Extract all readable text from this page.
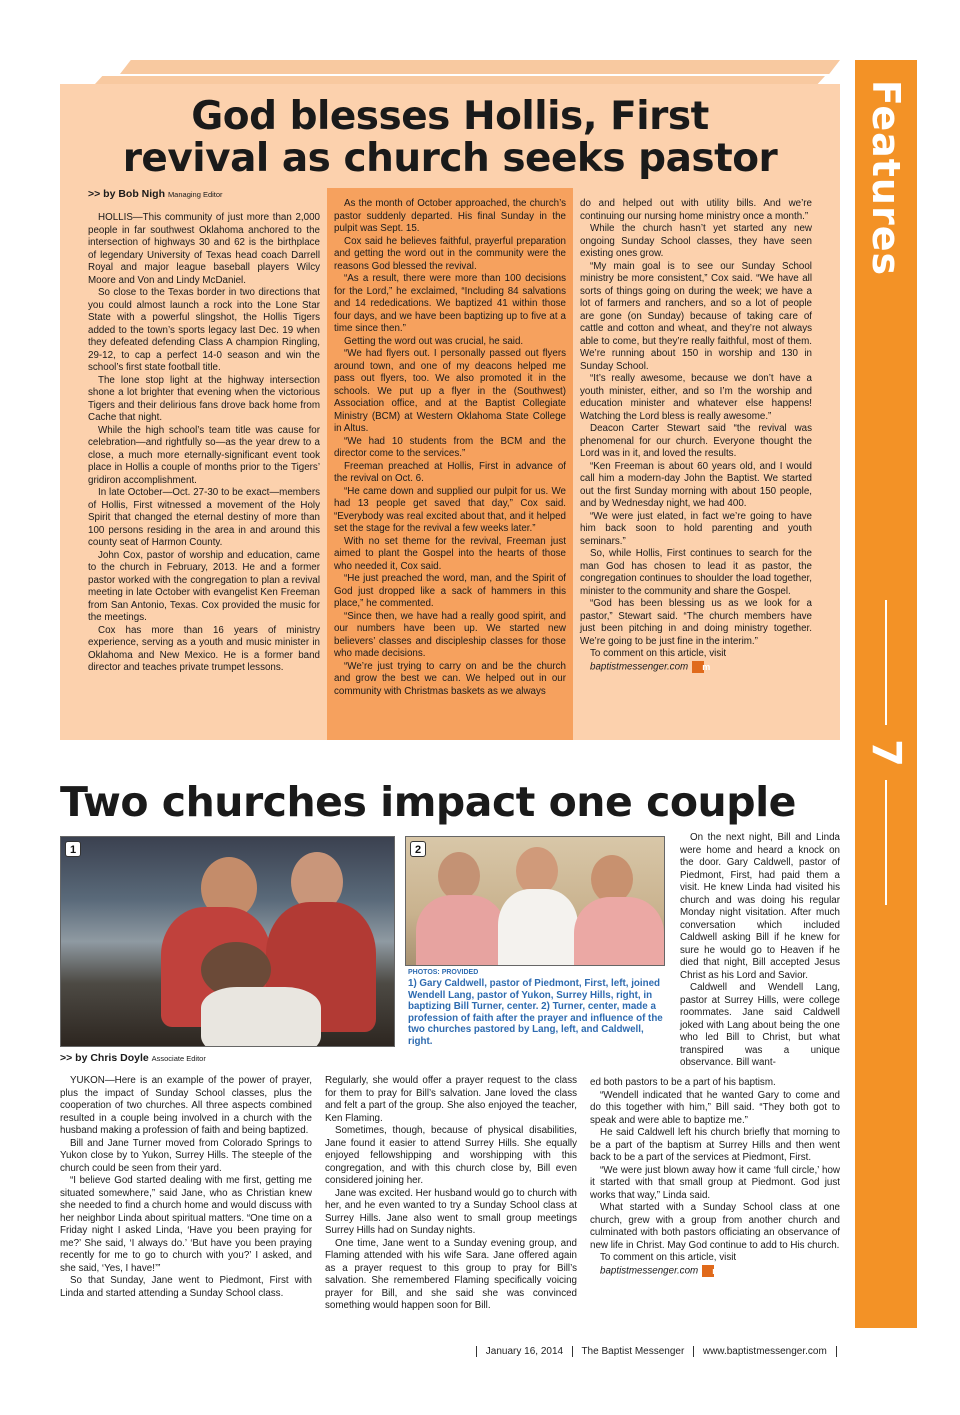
Features
7
God blesses Hollis, First
revival as church seeks pastor
>> by Bob Nigh Managing Editor

HOLLIS—This community of just more than 2,000 people in far southwest Oklahoma anchored to the intersection of highways 30 and 62 is the birthplace of legendary University of Texas head coach Darrell Royal and major league baseball players Wilcy Moore and Von and Lindy McDaniel.

So close to the Texas border in two directions that you could almost launch a rock into the Lone Star State with a powerful slingshot, the Hollis Tigers added to the town’s sports legacy last Dec. 19 when they defeated defending Class A champion Ringling, 29-12, to cap a perfect 14-0 season and win the school’s first state football title.

The lone stop light at the highway intersection shone a lot brighter that evening when the victorious Tigers and their delirious fans drove back home from Cache that night.

While the high school’s team title was cause for celebration—and rightfully so—as the year drew to a close, a much more eternally-significant event took place in Hollis a couple of months prior to the Tigers’ gridiron accomplishment.

In late October—Oct. 27-30 to be exact—members of Hollis, First witnessed a movement of the Holy Spirit that changed the eternal destiny of more than 100 persons residing in the area in and around this county seat of Harmon County.

John Cox, pastor of worship and education, came to the church in February, 2013. He and a former pastor worked with the congregation to plan a revival meeting in late October with evangelist Ken Freeman from San Antonio, Texas. Cox provided the music for the meetings.

Cox has more than 16 years of ministry experience, serving as a youth and music minister in Oklahoma and New Mexico. He is a former band director and teaches private trumpet lessons.

As the month of October approached, the church’s pastor suddenly departed. His final Sunday in the pulpit was Sept. 15.

Cox said he believes faithful, prayerful preparation and getting the word out in the community were the reasons God blessed the revival.

“As a result, there were more than 100 decisions for the Lord,” he exclaimed, “Including 84 salvations and 14 rededications. We baptized 41 within those four days, and we have been baptizing up to five at a time since then.”

Getting the word out was crucial, he said.

“We had flyers out. I personally passed out flyers around town, and one of my deacons helped me pass out flyers, too. We also promoted it in the schools. We put up a flyer in the (Southwest) Association office, and at the Baptist Collegiate Ministry (BCM) at Western Oklahoma State College in Altus.

“We had 10 students from the BCM and the director come to the services.”

Freeman preached at Hollis, First in advance of the revival on Oct. 6.

“He came down and supplied our pulpit for us. We had 13 people get saved that day,” Cox said. “Everybody was real excited about that, and it helped set the stage for the revival a few weeks later.”

With no set theme for the revival, Freeman just aimed to plant the Gospel into the hearts of those who needed it, Cox said.

“He just preached the word, man, and the Spirit of God just dropped like a sack of hammers in this place,” he commented.

“Since then, we have had a really good spirit, and our numbers have been up. We started new believers’ classes and discipleship classes for those who made decisions.

“We’re just trying to carry on and be the church and grow the best we can. We helped out in our community with Christmas baskets as we always

do and helped out with utility bills. And we’re continuing our nursing home ministry once a month.”

While the church hasn’t yet started any new ongoing Sunday School classes, they have seen existing ones grow.

“My main goal is to see our Sunday School ministry be more consistent,” Cox said. “We have all sorts of things going on during the week; we have a lot of farmers and ranchers, and so a lot of people are gone (on Sunday) because of taking care of cattle and cotton and wheat, and they’re not always able to come, but they’re really faithful, most of them. We’re running about 150 in worship and 130 in Sunday School.

“It’s really awesome, because we don’t have a youth minister, either, and so I’m the worship and education minister and whatever else happens! Watching the Lord bless is really awesome.”

Deacon Carter Stewart said “the revival was phenomenal for our church. Everyone thought the Lord was in it, and loved the results.

“Ken Freeman is about 60 years old, and I would call him a modern-day John the Baptist. We started out the first Sunday morning with about 150 people, and by Wednesday night, we had 400.

“We were just elated, in fact we’re going to have him back soon to hold parenting and youth seminars.”

So, while Hollis, First continues to search for the man God has chosen to lead it as pastor, the congregation continues to shoulder the load together, minister to the community and share the Gospel.

“God has been blessing us as we look for a pastor,” Stewart said. “The church members have just been pitching in and doing ministry together. We’re going to be just fine in the interim.”

To comment on this article, visit

baptistmessenger.com m

Two churches impact one couple
1	2
PHOTOS: PROVIDED
1) Gary Caldwell, pastor of Piedmont, First, left, joined Wendell Lang, pastor of Yukon, Surrey Hills, right, in baptizing Bill Turner, center. 2) Turner, center, made a profession of faith after the prayer and influence of the two churches pastored by Lang, left, and Caldwell, right.
>> by Chris Doyle Associate Editor

YUKON—Here is an example of the power of prayer, plus the impact of Sunday School classes, plus the cooperation of two churches. All three aspects combined resulted in a couple being involved in a church with the husband making a profession of faith and being baptized.

Bill and Jane Turner moved from Colorado Springs to Yukon close by to Yukon, Surrey Hills. The steeple of the church could be seen from their yard.

“I believe God started dealing with me first, getting me situated somewhere,” said Jane, who as Christian knew she needed to find a church home and would discuss with her neighbor Linda about spiritual matters. “One time on a Friday night I asked Linda, ‘Have you been praying for me?’ She said, ‘I always do.’ ‘But have you been praying recently for me to go to church with you?’ I asked, and she said, ‘Yes, I have!’”

So that Sunday, Jane went to Piedmont, First with Linda and started attending a Sunday School class.

Regularly, she would offer a prayer request to the class for them to pray for Bill’s salvation. Jane loved the class and felt a part of the group. She also enjoyed the teacher, Ken Flaming.

Sometimes, though, because of physical disabilities, Jane found it easier to attend Surrey Hills. She equally enjoyed fellowshipping and worshipping with this congregation, and with this church close by, Bill even considered joining her.

Jane was excited. Her husband would go to church with her, and he even wanted to try a Sunday School class at Surrey Hills. Jane also went to small group meetings Surrey Hills had on Sunday nights.

One time, Jane went to a Sunday evening group, and Flaming attended with his wife Sara. Jane offered again as a prayer request to this group to pray for Bill’s salvation. She remembered Flaming specifically voicing prayer for Bill, and she said she was convinced something would happen soon for Bill.

On the next night, Bill and Linda were home and heard a knock on the door. Gary Caldwell, pastor of Piedmont, First, had paid them a visit. He knew Linda had visited his church and was doing his regular Monday night visitation. After much conversation which included Caldwell asking Bill if he knew for sure he would go to Heaven if he died that night, Bill accepted Jesus Christ as his Lord and Savior.

Caldwell and Wendell Lang, pastor at Surrey Hills, were college roommates. Jane said Caldwell joked with Lang about being the one who led Bill to Christ, but what transpired was a unique observance. Bill want-

ed both pastors to be a part of his baptism.

“Wendell indicated that he wanted Gary to come and do this together with him,” Bill said. “They both got to speak and were able to baptize me.”

He said Caldwell left his church briefly that morning to be a part of the baptism at Surrey Hills and then went back to be a part of the services at Piedmont, First.

“We were just blown away how it came ‘full circle,’ how it started with that small group at Piedmont. God just works that way,” Linda said.

What started with a Sunday School class at one church, grew with a group from another church and culminated with both pastors officiating an observance of new life in Christ. May God continue to add to His church.

To comment on this article, visit

baptistmessenger.com m

January 16, 2014 The Baptist Messenger www.baptistmessenger.com
